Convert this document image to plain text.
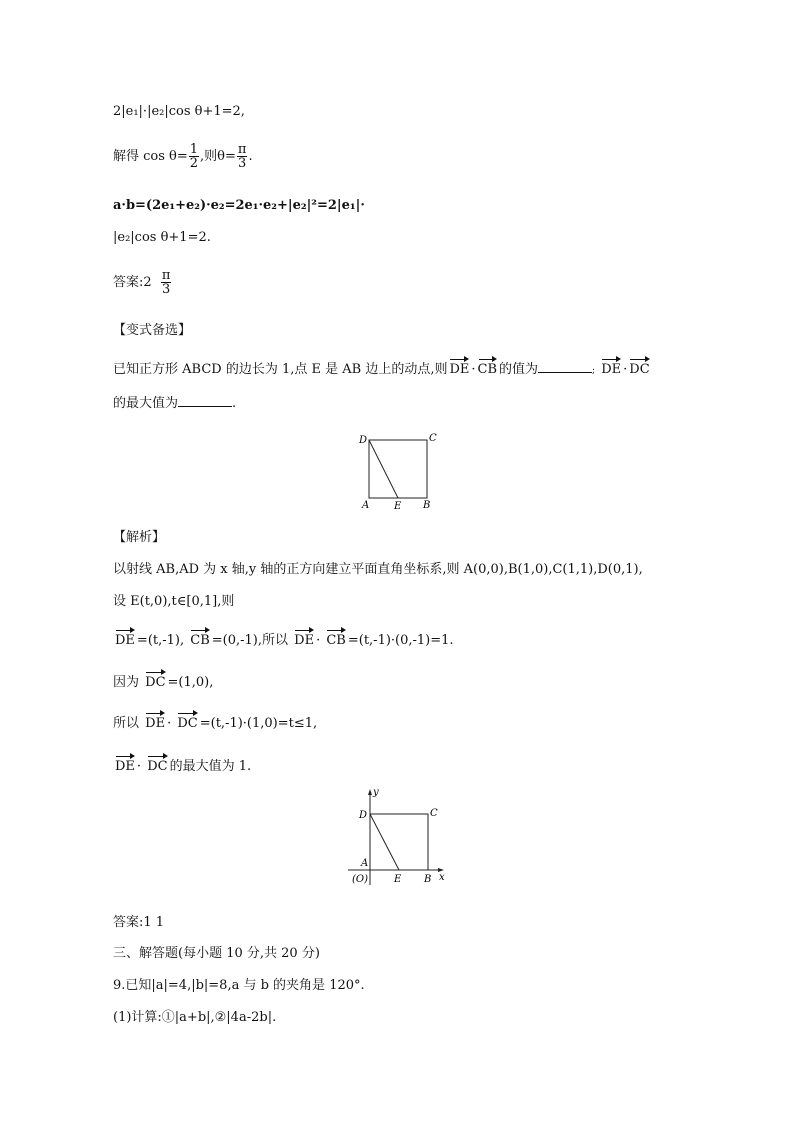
2|e₁|·|e₂|cos θ+1=2,
解得 $\cos \theta= \frac{1}{2}$ ,则$\theta= \frac{\pi}{3}$ .
a·b=(2e₁+e₂)·e₂=2e₁·e₂+|e₂|²=2|e₁|·
|e₂|cos θ+1=2.
答案:2 $\frac{\pi}{3}$
【变式备选】
已知正方形 ABCD 的边长为 1,点 E 是 AB 边上的动点,则 DE · CB 的值为	; DE · DC
的最大值为	.
D	C
A E B
【解析】
以射线 AB,AD 为 x 轴,y 轴的正方向建立平面直角坐标系,则 A(0,0),B(1,0),C(1,1),D(0,1),
设 E(t,0),t∈[0,1],则
DE =(t,-1), CB =(0,-1),所以 DE · CB =(t,-1)·(0,-1)=1.
因为 DC =(1,0),
所以 DE · DC =(t,-1)·(1,0)=t≤1,
DE · DC 的最大值为 1.
y
D	C
A
(O)	E B x
答案:1 1
三、解答题(每小题 10 分,共 20 分)
9.已知|a|=4,|b|=8,a 与 b 的夹角是 120°.
(1)计算:①|a+b|,②|4a-2b|.
